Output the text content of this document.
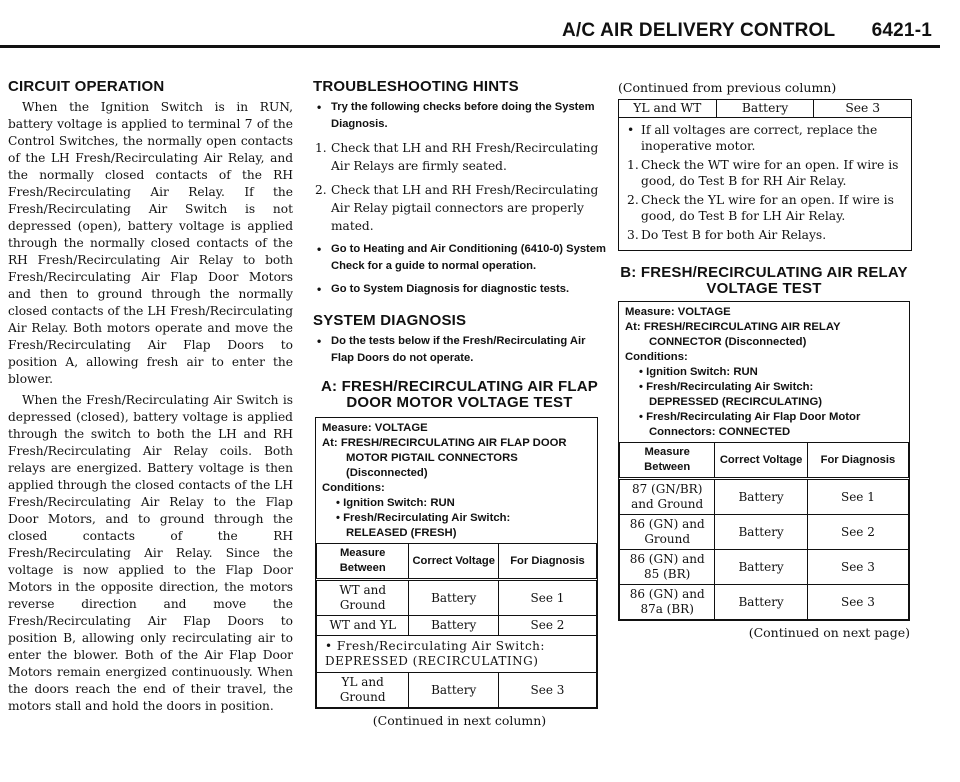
A/C AIR DELIVERY CONTROL 6421-1
CIRCUIT OPERATION

When the Ignition Switch is in RUN, battery voltage is applied to terminal 7 of the Control Switches, the normally open contacts of the LH Fresh/Recirculating Air Relay, and the normally closed contacts of the RH Fresh/Recirculating Air Relay. If the Fresh/Recirculating Air Switch is not depressed (open), battery voltage is applied through the normally closed contacts of the RH Fresh/Recirculating Air Relay to both Fresh/Recirculating Air Flap Door Motors and then to ground through the normally closed contacts of the LH Fresh/Recirculating Air Relay. Both motors operate and move the Fresh/Recirculating Air Flap Doors to position A, allowing fresh air to enter the blower.

When the Fresh/Recirculating Air Switch is depressed (closed), battery voltage is applied through the switch to both the LH and RH Fresh/Recirculating Air Relay coils. Both relays are energized. Battery voltage is then applied through the closed contacts of the LH Fresh/Recirculating Air Relay to the Flap Door Motors, and to ground through the closed contacts of the RH Fresh/Recirculating Air Relay. Since the voltage is now applied to the Flap Door Motors in the opposite direction, the motors reverse direction and move the Fresh/Recirculating Air Flap Doors to position B, allowing only recirculating air to enter the blower. Both of the Air Flap Door Motors remain energized continuously. When the doors reach the end of their travel, the motors stall and hold the doors in position.

TROUBLESHOOTING HINTS
• Try the following checks before doing the System Diagnosis.
1. Check that LH and RH Fresh/Recirculating Air Relays are firmly seated.
2. Check that LH and RH Fresh/Recirculating Air Relay pigtail connectors are properly mated.
• Go to Heating and Air Conditioning (6410-0) System Check for a guide to normal operation.
• Go to System Diagnosis for diagnostic tests.
SYSTEM DIAGNOSIS
• Do the tests below if the Fresh/Recirculating Air Flap Doors do not operate.
A: FRESH/RECIRCULATING AIR FLAP
DOOR MOTOR VOLTAGE TEST
Measure: VOLTAGE
At: FRESH/RECIRCULATING AIR FLAP DOOR
MOTOR PIGTAIL CONNECTORS
(Disconnected)
Conditions:
• Ignition Switch: RUN
• Fresh/Recirculating Air Switch:
RELEASED (FRESH)
Measure Between	Correct Voltage	For Diagnosis
WT and Ground	Battery	See 1
WT and YL	Battery	See 2
• Fresh/Recirculating Air Switch: DEPRESSED (RECIRCULATING)		
YL and Ground	Battery	See 3
(Continued in next column)
(Continued from previous column)
YL and WT	Battery	See 3
• If all voltages are correct, replace the inoperative motor.
1. Check the WT wire for an open. If wire is good, do Test B for RH Air Relay.
2. Check the YL wire for an open. If wire is good, do Test B for LH Air Relay.
3. Do Test B for both Air Relays.
B: FRESH/RECIRCULATING AIR RELAY
VOLTAGE TEST
Measure: VOLTAGE
At: FRESH/RECIRCULATING AIR RELAY
CONNECTOR (Disconnected)
Conditions:
• Ignition Switch: RUN
• Fresh/Recirculating Air Switch:
DEPRESSED (RECIRCULATING)
• Fresh/Recirculating Air Flap Door Motor
Connectors: CONNECTED
Measure Between	Correct Voltage	For Diagnosis
87 (GN/BR) and Ground	Battery	See 1
86 (GN) and Ground	Battery	See 2
86 (GN) and 85 (BR)	Battery	See 3
86 (GN) and 87a (BR)	Battery	See 3
(Continued on next page)
